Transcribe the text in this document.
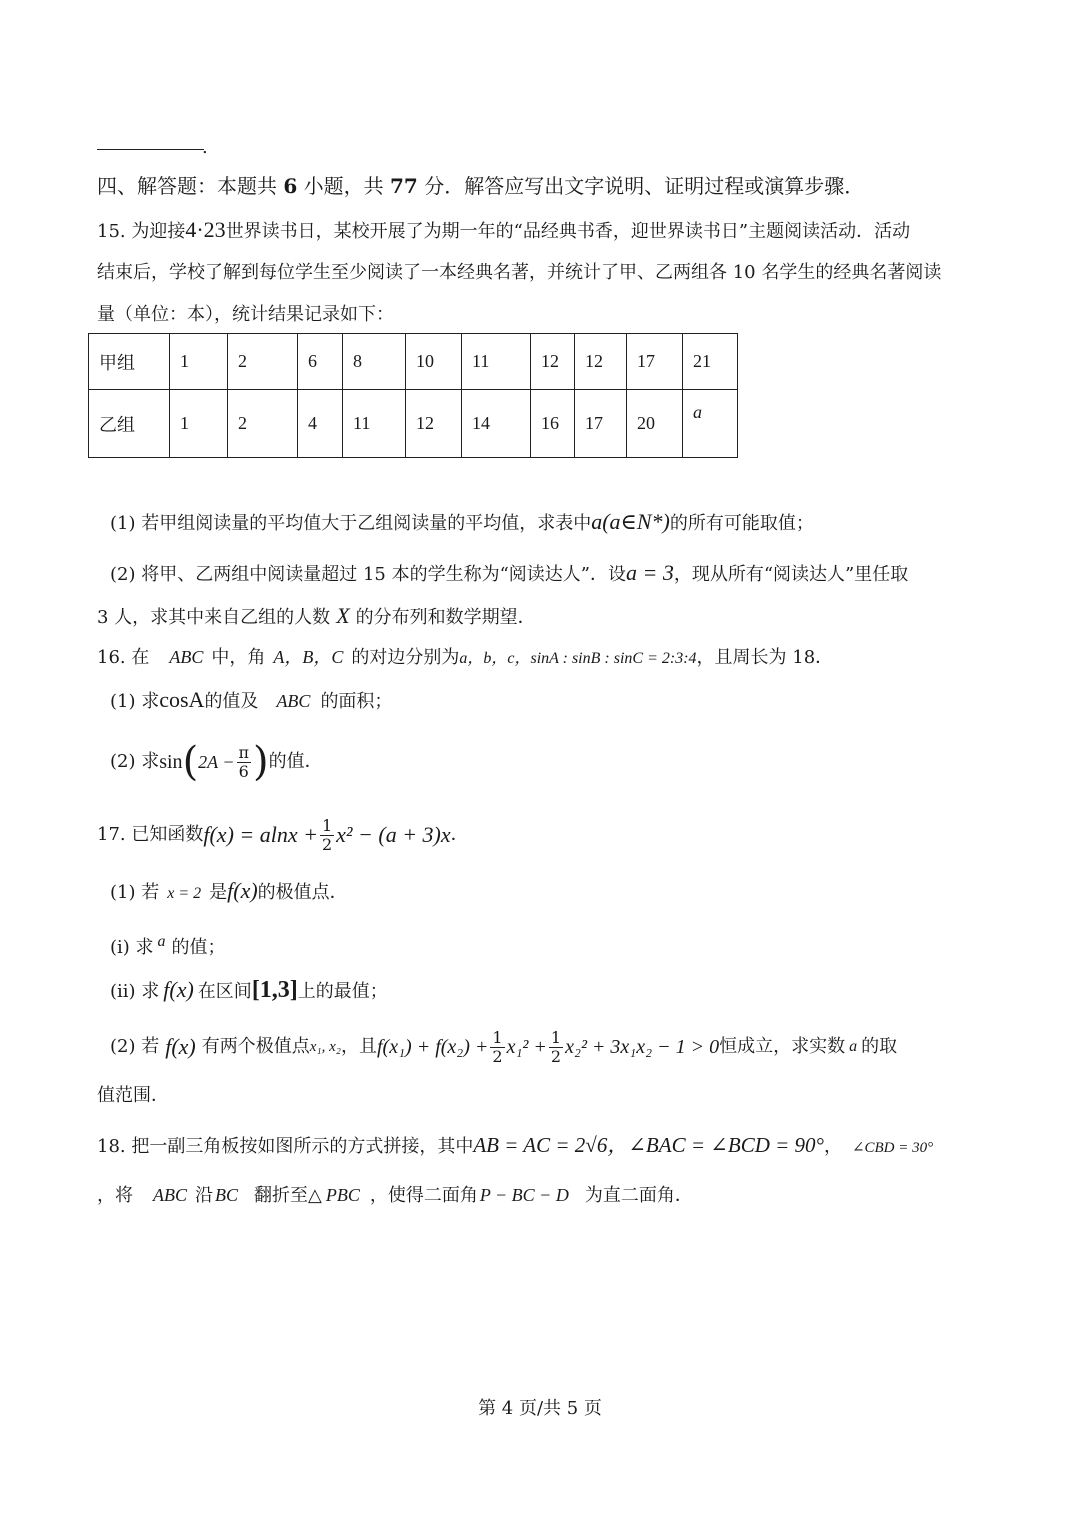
.
四、解答题：本题共 6 小题，共 77 分．解答应写出文字说明、证明过程或演算步骤．
15. 为迎接4·23世界读书日，某校开展了为期一年的“品经典书香，迎世界读书日”主题阅读活动．活动
结束后，学校了解到每位学生至少阅读了一本经典名著，并统计了甲、乙两组各 10 名学生的经典名著阅读
量（单位：本），统计结果记录如下：
甲组	1	2	6	8	10	11	12	12	17	21
乙组	1	2	4	11	12	14	16	17	20	a
(1) 若甲组阅读量的平均值大于乙组阅读量的平均值，求表中a(a∈N*)的所有可能取值；
(2) 将甲、乙两组中阅读量超过 15 本的学生称为“阅读达人”．设a = 3，现从所有“阅读达人”里任取
3 人，求其中来自乙组的人数 X 的分布列和数学期望．
16. 在 ABC 中，角 A，B，C 的对边分别为a，b，c，sinA : sinB : sinC = 2:3:4，且周长为 18．
(1) 求cosA的值及 ABC 的面积；
(2) 求 sin ( $2A - \frac{\pi}{6}$ ) 的值．
17. 已知函数 $f(x) = alnx + \frac{1}{2} x^2 - (a + 3)x$ ．
(1) 若 x = 2 是f(x)的极值点．
(i) 求 a 的值；
(ii) 求 f(x) 在区间[1,3]上的最值；
(2) 若 f(x) 有两个极值点 x₁, x₂ ，且 $f(x_1) + f(x_2) + \frac{1}{2} x_1^2 + \frac{1}{2} x_2^2 + 3x_1x_2 - 1 > 0$ 恒成立，求实数 a 的取
值范围．
18. 把一副三角板按如图所示的方式拼接，其中AB = AC = 2√6，∠BAC = ∠BCD = 90°， ∠CBD = 30°
，将 ABC 沿 BC 翻折至△ PBC ，使得二面角 P − BC − D 为直二面角．
第 4 页/共 5 页
